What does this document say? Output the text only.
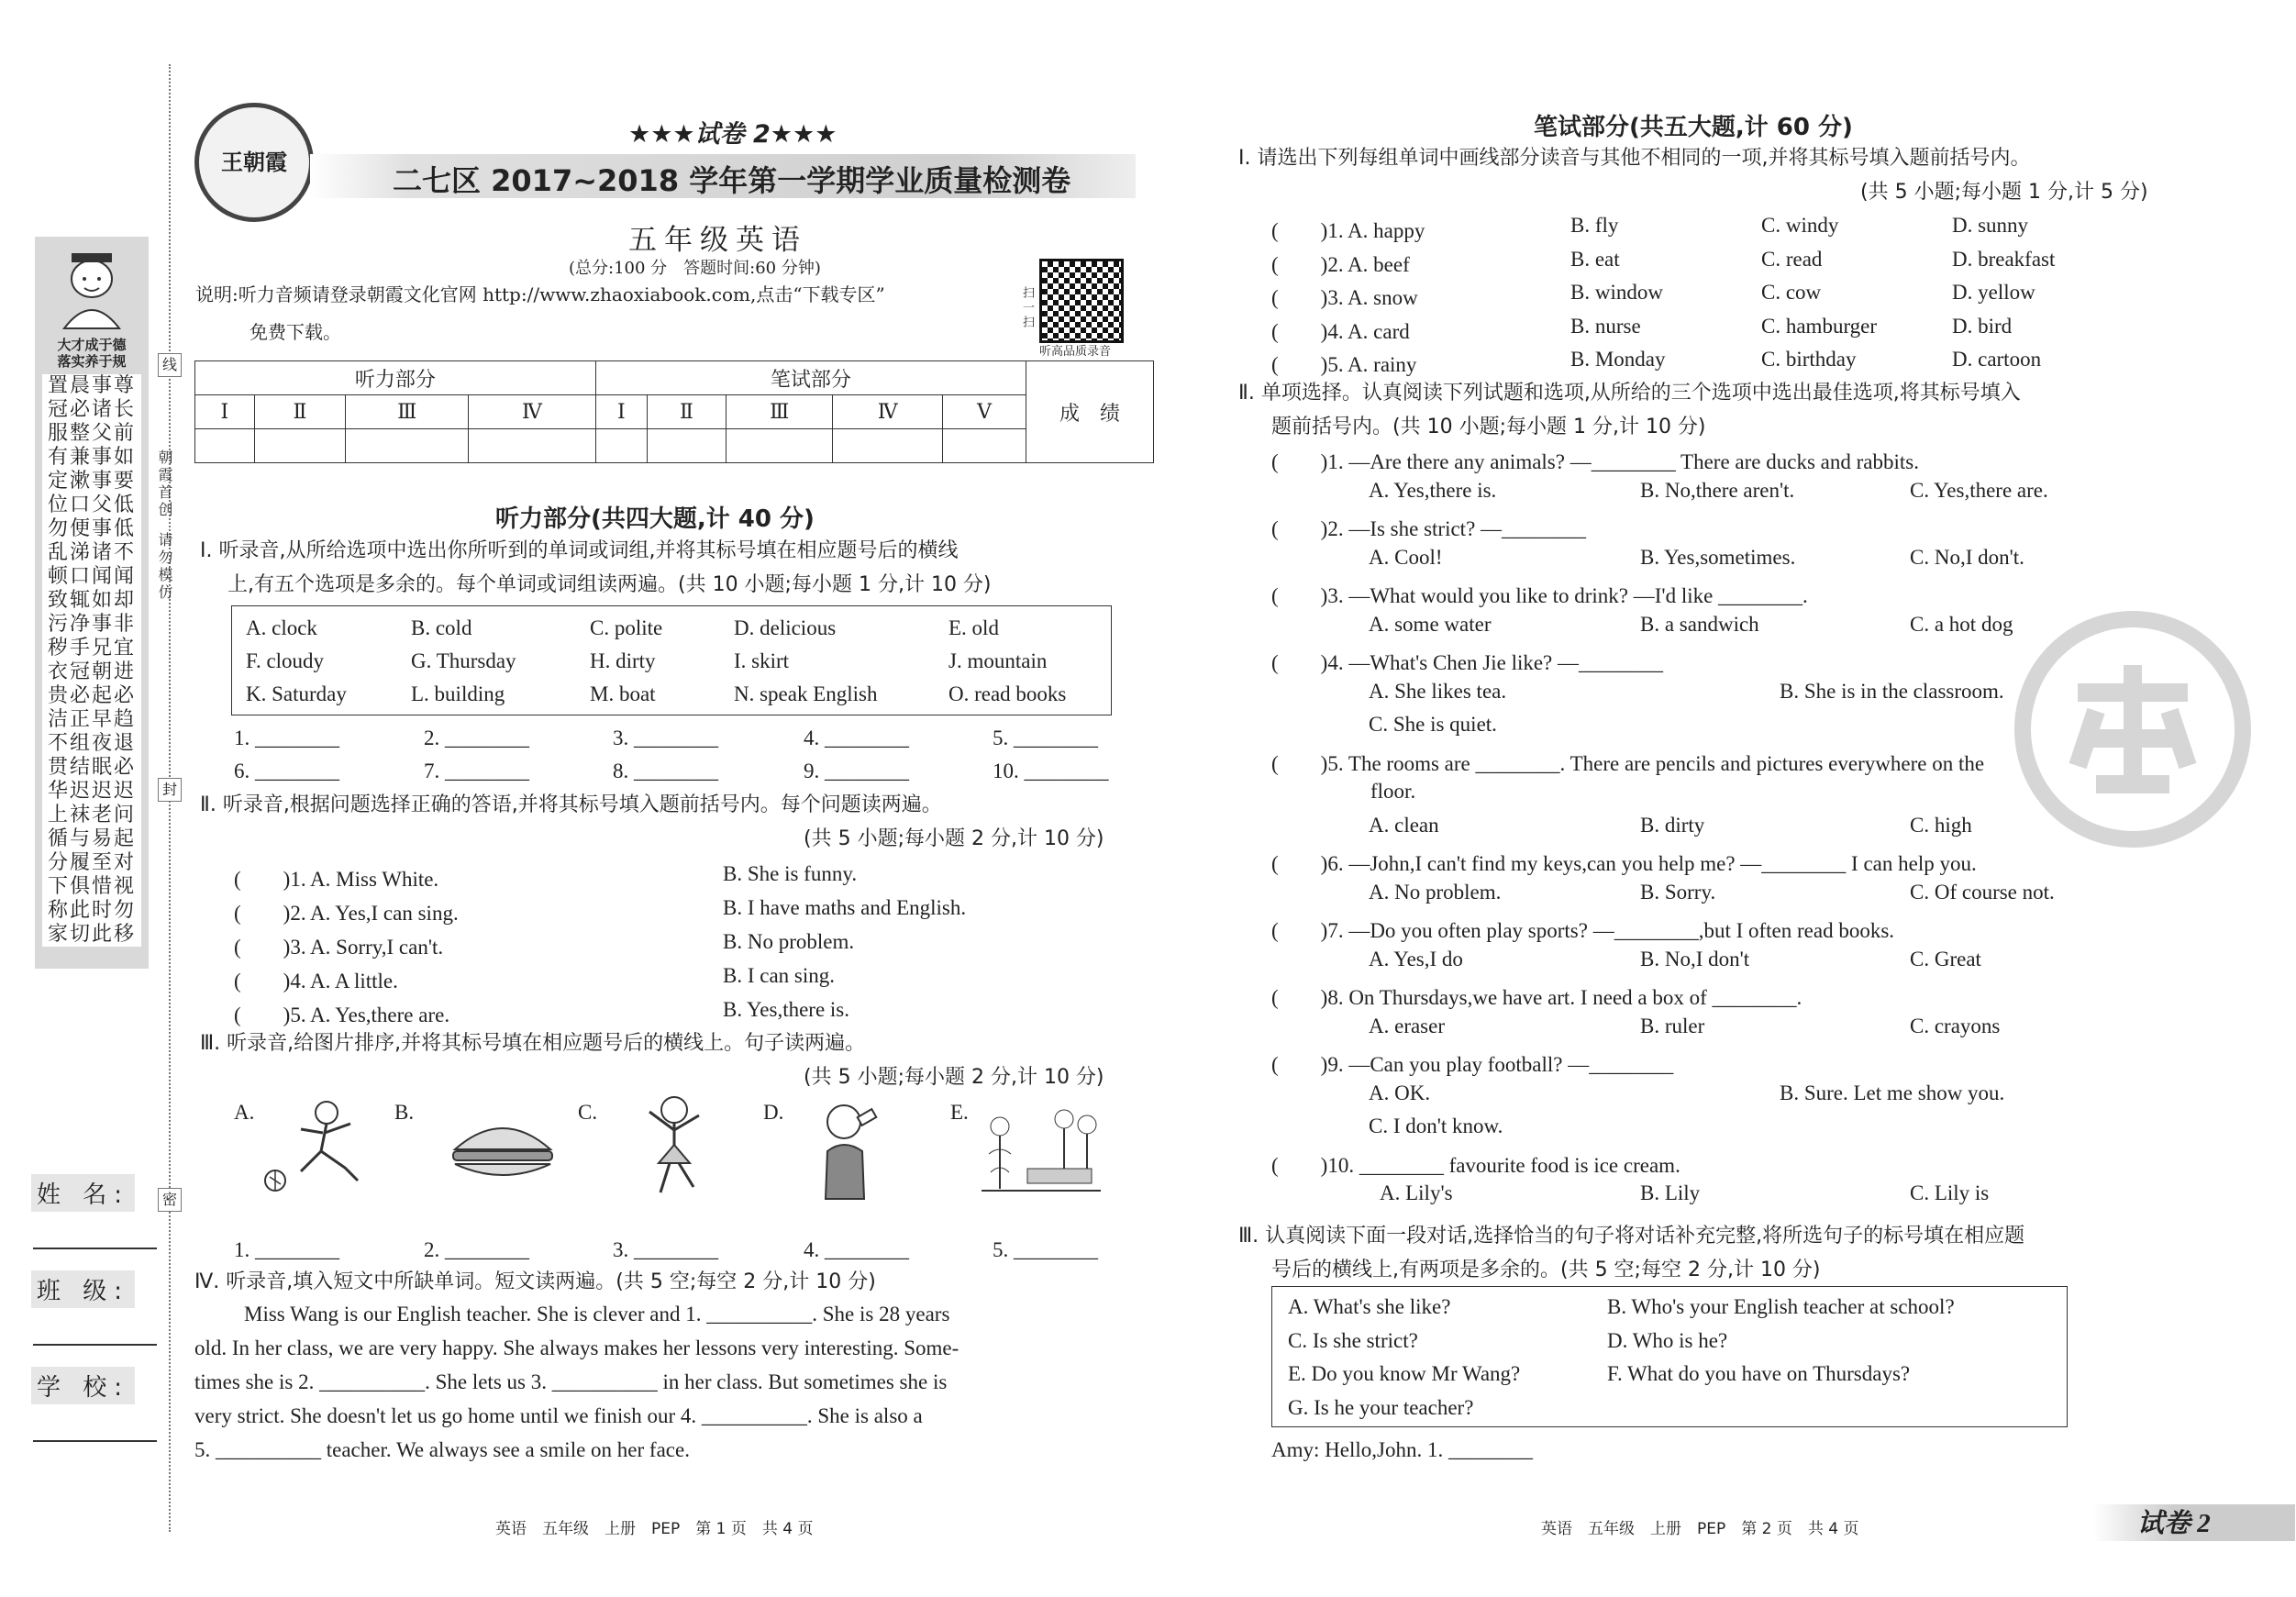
大才成于德
落实养于规
置晨事尊
冠必诸长
服整父前
有兼事如
定漱事要
位口父低
勿便事低
乱涕诸不
顿口闻闻
致辄如却
污净事非
秽手兄宜
衣冠朝进
贵必起必
洁正早趋
不组夜退
贯结眠必
华迟迟迟
上袜老问
循与易起
分履至对
下俱惜视
称此时勿
家切此移
朝霞首创
请勿模仿
线
封
密
姓 名:
班 级:
学 校:
王朝霞
★★★试卷 2★★★
二七区 2017~2018 学年第一学期学业质量检测卷
五年级英语
(总分:100 分　答题时间:60 分钟)
说明:听力音频请登录朝霞文化官网 http://www.zhaoxiabook.com,点击“下载专区”
免费下载。
扫一扫
听高品质录音
听力部分				笔试部分					成　绩
Ⅰ	Ⅱ	Ⅲ	Ⅳ	Ⅰ	Ⅱ	Ⅲ	Ⅳ	Ⅴ	

听力部分(共四大题,计 40 分)
Ⅰ. 听录音,从所给选项中选出你所听到的单词或词组,并将其标号填在相应题号后的横线
上,有五个选项是多余的。每个单词或词组读两遍。(共 10 小题;每小题 1 分,计 10 分)
A. clock	B. cold	C. polite	D. delicious	E. old
F. cloudy	G. Thursday	H. dirty	I. skirt	J. mountain
K. Saturday	L. building	M. boat	N. speak English	O. read books
1. ________	2. ________	3. ________	4. ________	5. ________
6. ________	7. ________	8. ________	9. ________	10. ________
Ⅱ. 听录音,根据问题选择正确的答语,并将其标号填入题前括号内。每个问题读两遍。
(共 5 小题;每小题 2 分,计 10 分)
(　　)1. A. Miss White.	B. She is funny.
(　　)2. A. Yes,I can sing.	B. I have maths and English.
(　　)3. A. Sorry,I can't.	B. No problem.
(　　)4. A. A little.	B. I can sing.
(　　)5. A. Yes,there are.	B. Yes,there is.
Ⅲ. 听录音,给图片排序,并将其标号填在相应题号后的横线上。句子读两遍。
(共 5 小题;每小题 2 分,计 10 分)
A.	B.	C.	D.	E.
1. ________	2. ________	3. ________	4. ________	5. ________
Ⅳ. 听录音,填入短文中所缺单词。短文读两遍。(共 5 空;每空 2 分,计 10 分)
Miss Wang is our English teacher. She is clever and 1. __________. She is 28 years
old. In her class, we are very happy. She always makes her lessons very interesting. Some-
times she is 2. __________. She lets us 3. __________ in her class. But sometimes she is
very strict. She doesn't let us go home until we finish our 4. __________. She is also a
5. __________ teacher. We always see a smile on her face.
笔试部分(共五大题,计 60 分)
Ⅰ. 请选出下列每组单词中画线部分读音与其他不相同的一项,并将其标号填入题前括号内。
(共 5 小题;每小题 1 分,计 5 分)
(　　)1. A. happy	B. fly	C. windy	D. sunny
(　　)2. A. beef	B. eat	C. read	D. breakfast
(　　)3. A. snow	B. window	C. cow	D. yellow
(　　)4. A. card	B. nurse	C. hamburger	D. bird
(　　)5. A. rainy	B. Monday	C. birthday	D. cartoon
Ⅱ. 单项选择。认真阅读下列试题和选项,从所给的三个选项中选出最佳选项,将其标号填入
题前括号内。(共 10 小题;每小题 1 分,计 10 分)
(　　)1. —Are there any animals? —________ There are ducks and rabbits.
A. Yes,there is.	B. No,there aren't.	C. Yes,there are.
(　　)2. —Is she strict? —________
A. Cool!	B. Yes,sometimes.	C. No,I don't.
(　　)3. —What would you like to drink? —I'd like ________.
A. some water	B. a sandwich	C. a hot dog
(　　)4. —What's Chen Jie like? —________
A. She likes tea.	B. She is in the classroom.
C. She is quiet.
(　　)5. The rooms are ________. There are pencils and pictures everywhere on the
floor.
A. clean	B. dirty	C. high
(　　)6. —John,I can't find my keys,can you help me? —________ I can help you.
A. No problem.	B. Sorry.	C. Of course not.
(　　)7. —Do you often play sports? —________,but I often read books.
A. Yes,I do	B. No,I don't	C. Great
(　　)8. On Thursdays,we have art. I need a box of ________.
A. eraser	B. ruler	C. crayons
(　　)9. —Can you play football? —________
A. OK.	B. Sure. Let me show you.
C. I don't know.
(　　)10. ________ favourite food is ice cream.
A. Lily's	B. Lily	C. Lily is
Ⅲ. 认真阅读下面一段对话,选择恰当的句子将对话补充完整,将所选句子的标号填在相应题
号后的横线上,有两项是多余的。(共 5 空;每空 2 分,计 10 分)
A. What's she like?	B. Who's your English teacher at school?
C. Is she strict?	D. Who is he?
E. Do you know Mr Wang?	F. What do you have on Thursdays?
G. Is he your teacher?
Amy: Hello,John. 1. ________
英语　五年级　上册　PEP　第 1 页　共 4 页	英语　五年级　上册　PEP　第 2 页　共 4 页	试卷 2
